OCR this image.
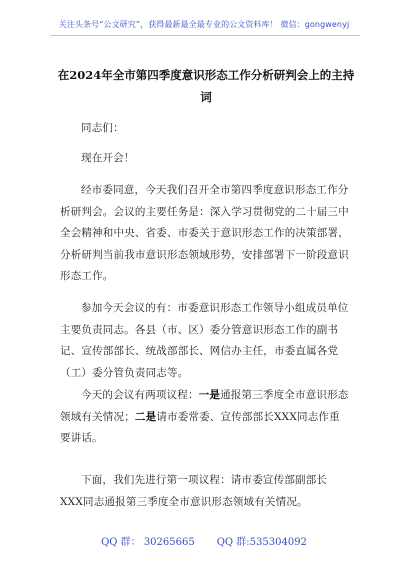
关注头条号“公文研究”，获得最新最全最专业的公文资料库！ 微信：gongwenyj
在2024年全市第四季度意识形态工作分析研判会上的主持词
同志们：
现在开会！
经市委同意，今天我们召开全市第四季度意识形态工作分析研判会。会议的主要任务是：深入学习贯彻党的二十届三中全会精神和中央、省委、市委关于意识形态工作的决策部署，分析研判当前我市意识形态领域形势，安排部署下一阶段意识形态工作。
参加今天会议的有：市委意识形态工作领导小组成员单位主要负责同志。各县（市、区）委分管意识形态工作的副书记、宣传部部长、统战部部长、网信办主任，市委直属各党（工）委分管负责同志等。
今天的会议有两项议程：一是通报第三季度全市意识形态领域有关情况；二是请市委常委、宣传部部长XXX同志作重要讲话。
下面，我们先进行第一项议程：请市委宣传部副部长XXX同志通报第三季度全市意识形态领域有关情况。
QQ 群： 30265665 QQ 群:535304092
